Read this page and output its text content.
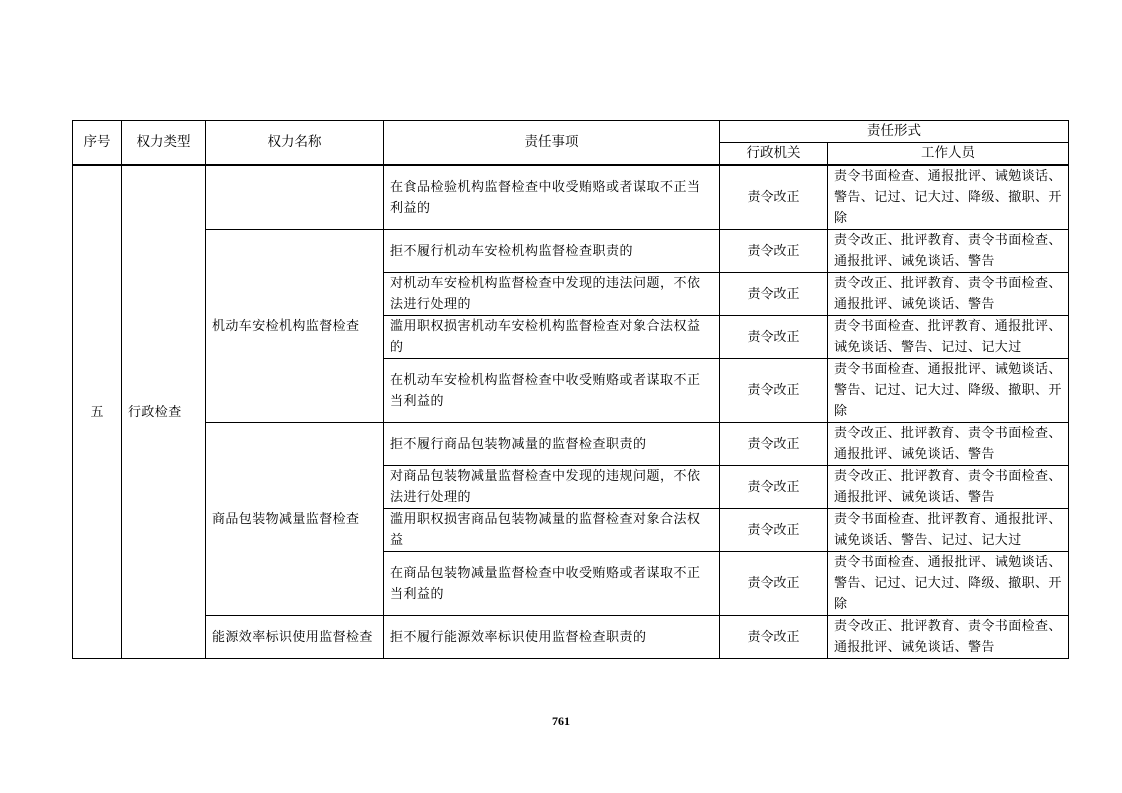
序号	权力类型	权力名称	责任事项	责任形式	
				行政机关	工作人员
五	行政检查		在食品检验机构监督检查中收受贿赂或者谋取不正当利益的	责令改正	责令书面检查、通报批评、诫勉谈话、警告、记过、记大过、降级、撤职、开除
		机动车安检机构监督检查	拒不履行机动车安检机构监督检查职责的	责令改正	责令改正、批评教育、责令书面检查、通报批评、诫免谈话、警告
			对机动车安检机构监督检查中发现的违法问题，不依法进行处理的	责令改正	责令改正、批评教育、责令书面检查、通报批评、诫免谈话、警告
			滥用职权损害机动车安检机构监督检查对象合法权益的	责令改正	责令书面检查、批评教育、通报批评、诫免谈话、警告、记过、记大过
			在机动车安检机构监督检查中收受贿赂或者谋取不正当利益的	责令改正	责令书面检查、通报批评、诫勉谈话、警告、记过、记大过、降级、撤职、开除
		商品包装物减量监督检查	拒不履行商品包装物减量的监督检查职责的	责令改正	责令改正、批评教育、责令书面检查、通报批评、诫免谈话、警告
			对商品包装物减量监督检查中发现的违规问题，不依法进行处理的	责令改正	责令改正、批评教育、责令书面检查、通报批评、诫免谈话、警告
			滥用职权损害商品包装物减量的监督检查对象合法权益	责令改正	责令书面检查、批评教育、通报批评、诫免谈话、警告、记过、记大过
			在商品包装物减量监督检查中收受贿赂或者谋取不正当利益的	责令改正	责令书面检查、通报批评、诫勉谈话、警告、记过、记大过、降级、撤职、开除
		能源效率标识使用监督检查	拒不履行能源效率标识使用监督检查职责的	责令改正	责令改正、批评教育、责令书面检查、通报批评、诫免谈话、警告
761
